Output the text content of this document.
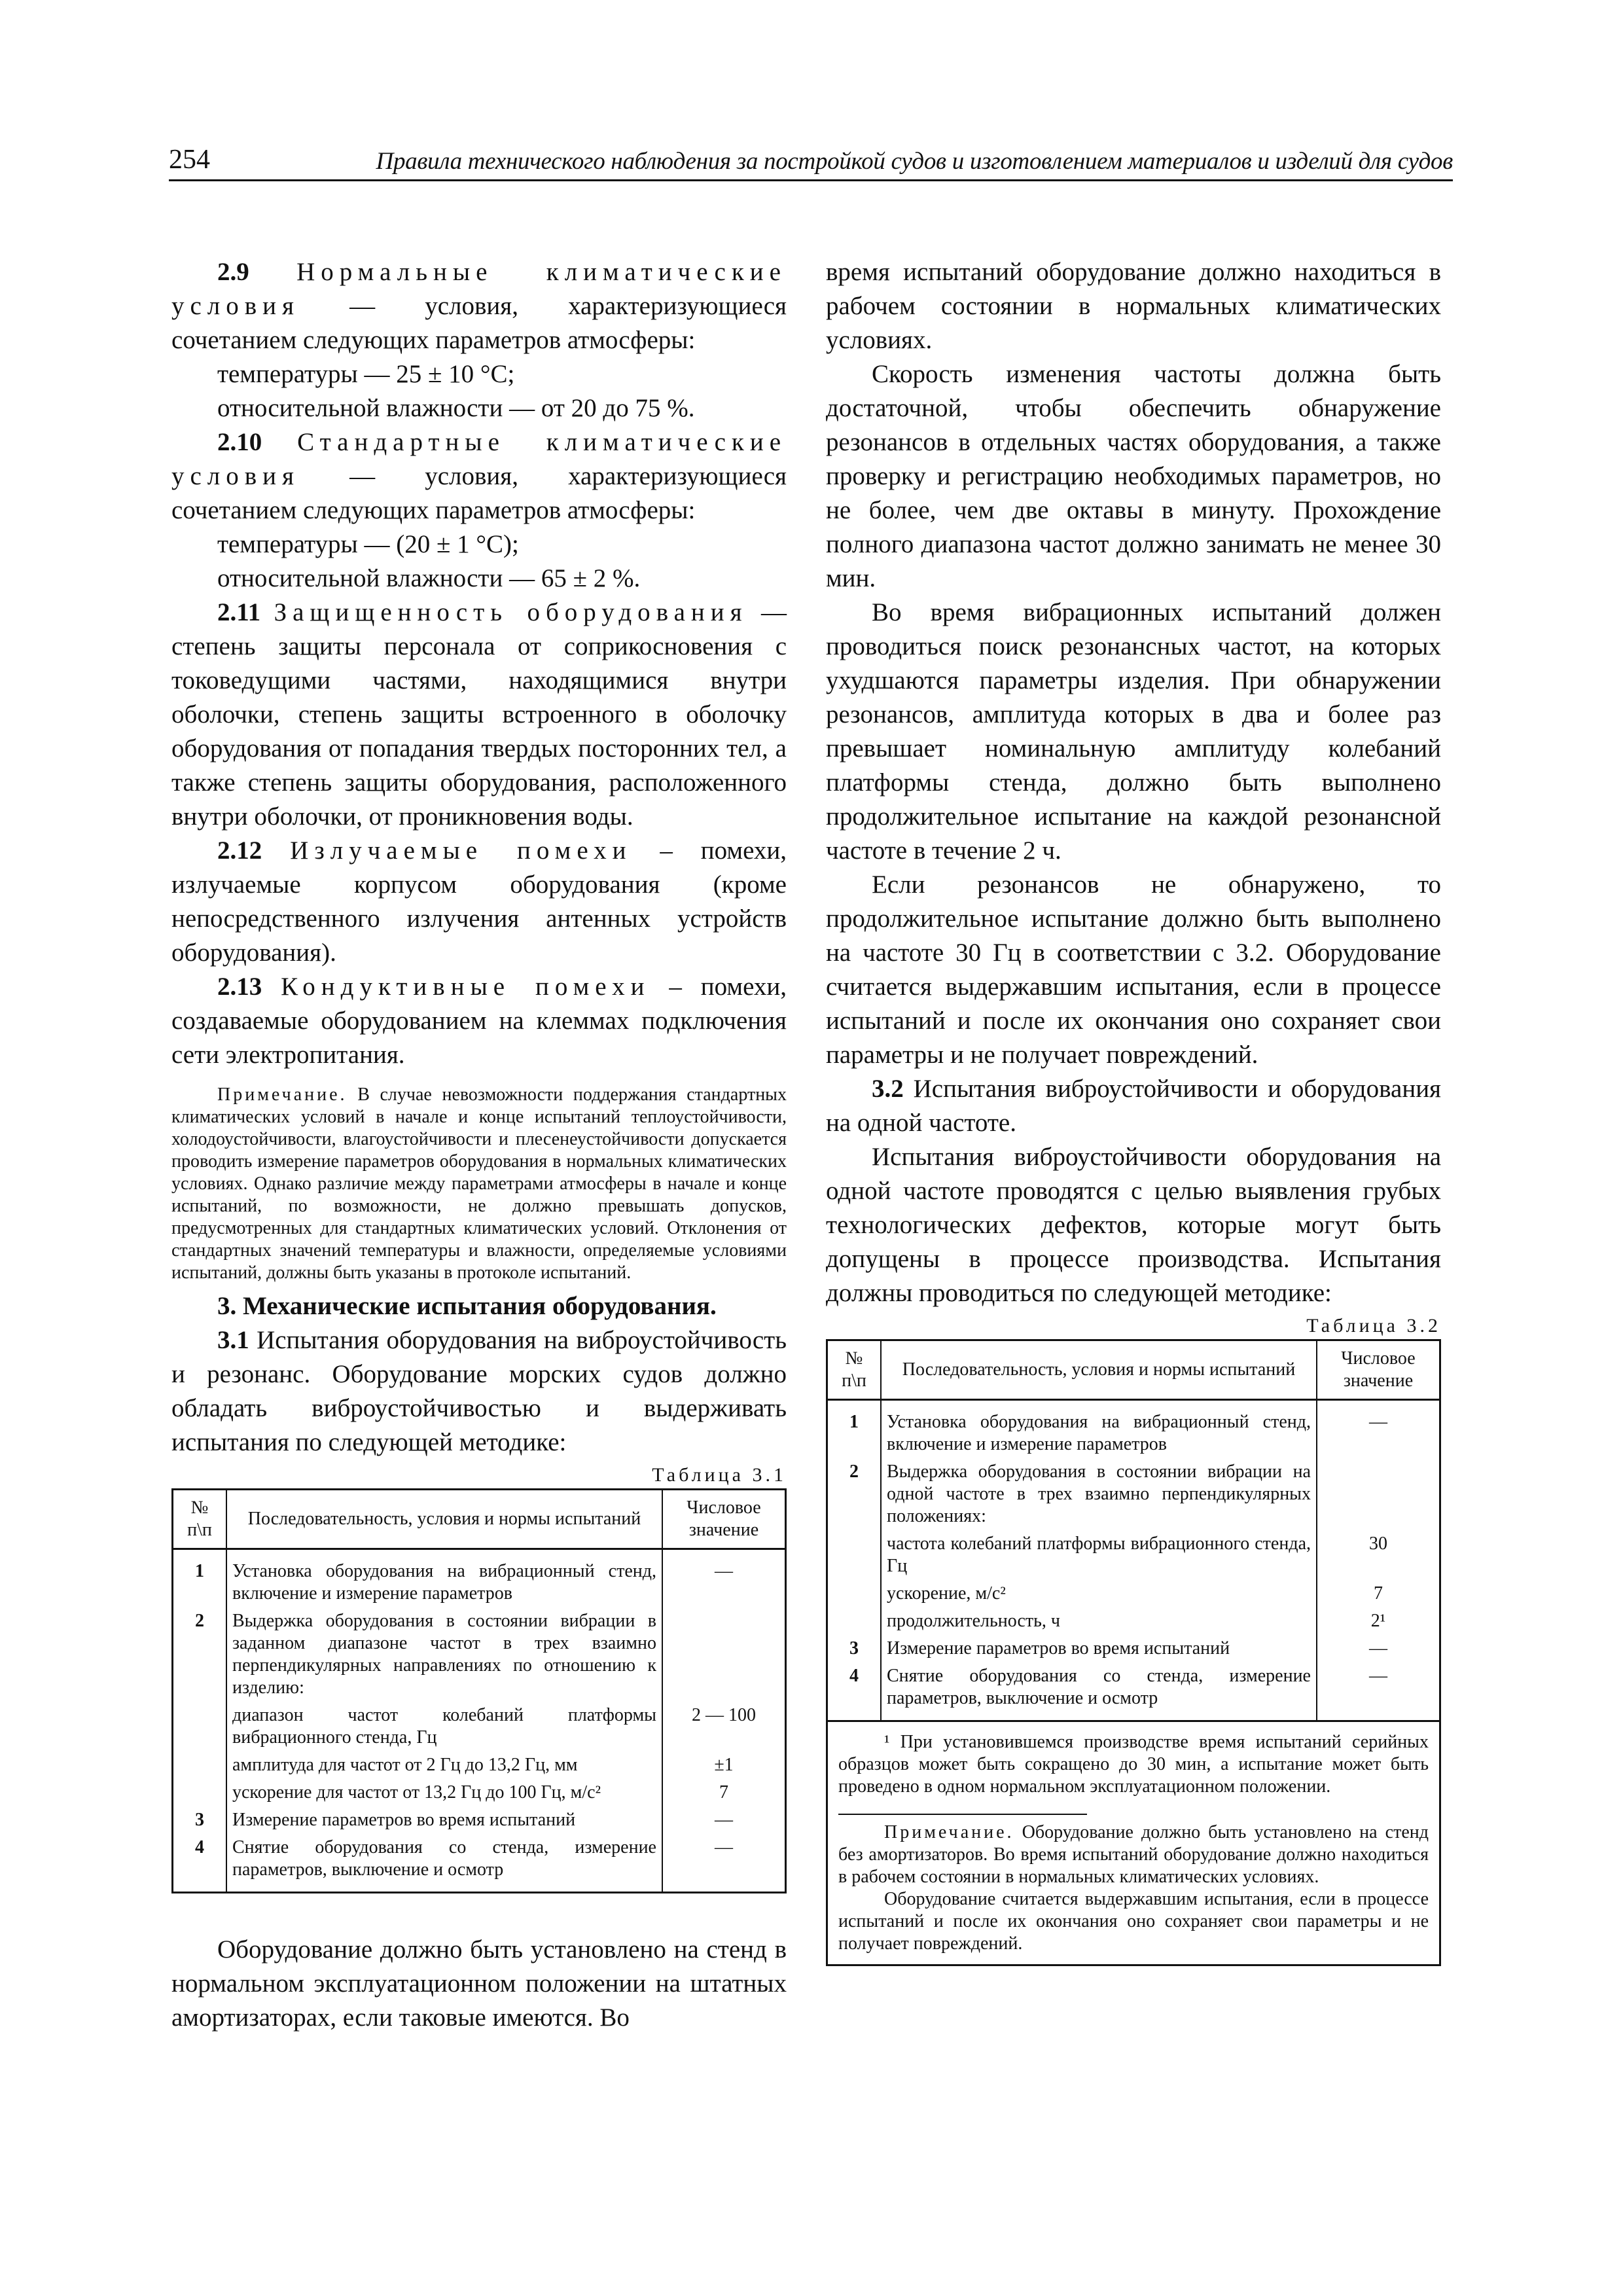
254	Правила технического наблюдения за постройкой судов и изготовлением материалов и изделий для судов

2.9 Нормальные климатические условия — условия, характеризующиеся сочетанием следующих параметров атмосферы:

температуры — 25 ± 10 °С;

относительной влажности — от 20 до 75 %.

2.10 Стандартные климатические условия — условия, характеризующиеся сочетанием следующих параметров атмосферы:

температуры — (20 ± 1 °С);

относительной влажности — 65 ± 2 %.

2.11 Защищенность оборудования — степень защиты персонала от соприкосновения с токоведущими частями, находящимися внутри оболочки, степень защиты встроенного в оболочку оборудования от попадания твердых посторонних тел, а также степень защиты оборудования, расположенного внутри оболочки, от проникновения воды.

2.12 Излучаемые помехи – помехи, излучаемые корпусом оборудования (кроме непосредственного излучения антенных устройств оборудования).

2.13 Кондуктивные помехи – помехи, создаваемые оборудованием на клеммах подключения сети электропитания.

Примечание. В случае невозможности поддержания стандартных климатических условий в начале и конце испытаний теплоустойчивости, холодоустойчивости, влагоустойчивости и плесенеустойчивости допускается проводить измерение параметров оборудования в нормальных климатических условиях. Однако различие между параметрами атмосферы в начале и конце испытаний, по возможности, не должно превышать допусков, предусмотренных для стандартных климатических условий. Отклонения от стандартных значений температуры и влажности, определяемые условиями испытаний, должны быть указаны в протоколе испытаний.

3. Механические испытания оборудования.

3.1 Испытания оборудования на виброустойчивость и резонанс. Оборудование морских судов должно обладать виброустойчивостью и выдерживать испытания по следующей методике:

Таблица 3.1
№ п\п	Последовательность, условия и нормы испытаний	Числовое значение
1	Установка оборудования на вибрационный стенд, включение и измерение параметров	—
2	Выдержка оборудования в состоянии вибрации в заданном диапазоне частот в трех взаимно перпендикулярных направлениях по отношению к изделию:	
	диапазон частот колебаний платформы вибрационного стенда, Гц	2 — 100
	амплитуда для частот от 2 Гц до 13,2 Гц, мм	±1
	ускорение для частот от 13,2 Гц до 100 Гц, м/с²	7
3	Измерение параметров во время испытаний	—
4	Снятие оборудования со стенда, измерение параметров, выключение и осмотр	—

Оборудование должно быть установлено на стенд в нормальном эксплуатационном положении на штатных амортизаторах, если таковые имеются. Во

время испытаний оборудование должно находиться в рабочем состоянии в нормальных климатических условиях.

Скорость изменения частоты должна быть достаточной, чтобы обеспечить обнаружение резонансов в отдельных частях оборудования, а также проверку и регистрацию необходимых параметров, но не более, чем две октавы в минуту. Прохождение полного диапазона частот должно занимать не менее 30 мин.

Во время вибрационных испытаний должен проводиться поиск резонансных частот, на которых ухудшаются параметры изделия. При обнаружении резонансов, амплитуда которых в два и более раз превышает номинальную амплитуду колебаний платформы стенда, должно быть выполнено продолжительное испытание на каждой резонансной частоте в течение 2 ч.

Если резонансов не обнаружено, то продолжительное испытание должно быть выполнено на частоте 30 Гц в соответствии с 3.2. Оборудование считается выдержавшим испытания, если в процессе испытаний и после их окончания оно сохраняет свои параметры и не получает повреждений.

3.2 Испытания виброустойчивости и оборудования на одной частоте.

Испытания виброустойчивости оборудования на одной частоте проводятся с целью выявления грубых технологических дефектов, которые могут быть допущены в процессе производства. Испытания должны проводиться по следующей методике:

Таблица 3.2
№ п\п	Последовательность, условия и нормы испытаний	Числовое значение
1	Установка оборудования на вибрационный стенд, включение и измерение параметров	—
2	Выдержка оборудования в состоянии вибрации на одной частоте в трех взаимно перпендикулярных положениях:	
	частота колебаний платформы вибрационного стенда, Гц	30
	ускорение, м/с²	7
	продолжительность, ч	2¹
3	Измерение параметров во время испытаний	—
4	Снятие оборудования со стенда, измерение параметров, выключение и осмотр	—

¹ При установившемся производстве время испытаний серийных образцов может быть сокращено до 30 мин, а испытание может быть проведено в одном нормальном эксплуатационном положении.

Примечание. Оборудование должно быть установлено на стенд без амортизаторов. Во время испытаний оборудование должно находиться в рабочем состоянии в нормальных климатических условиях.

Оборудование считается выдержавшим испытания, если в процессе испытаний и после их окончания оно сохраняет свои параметры и не получает повреждений.
